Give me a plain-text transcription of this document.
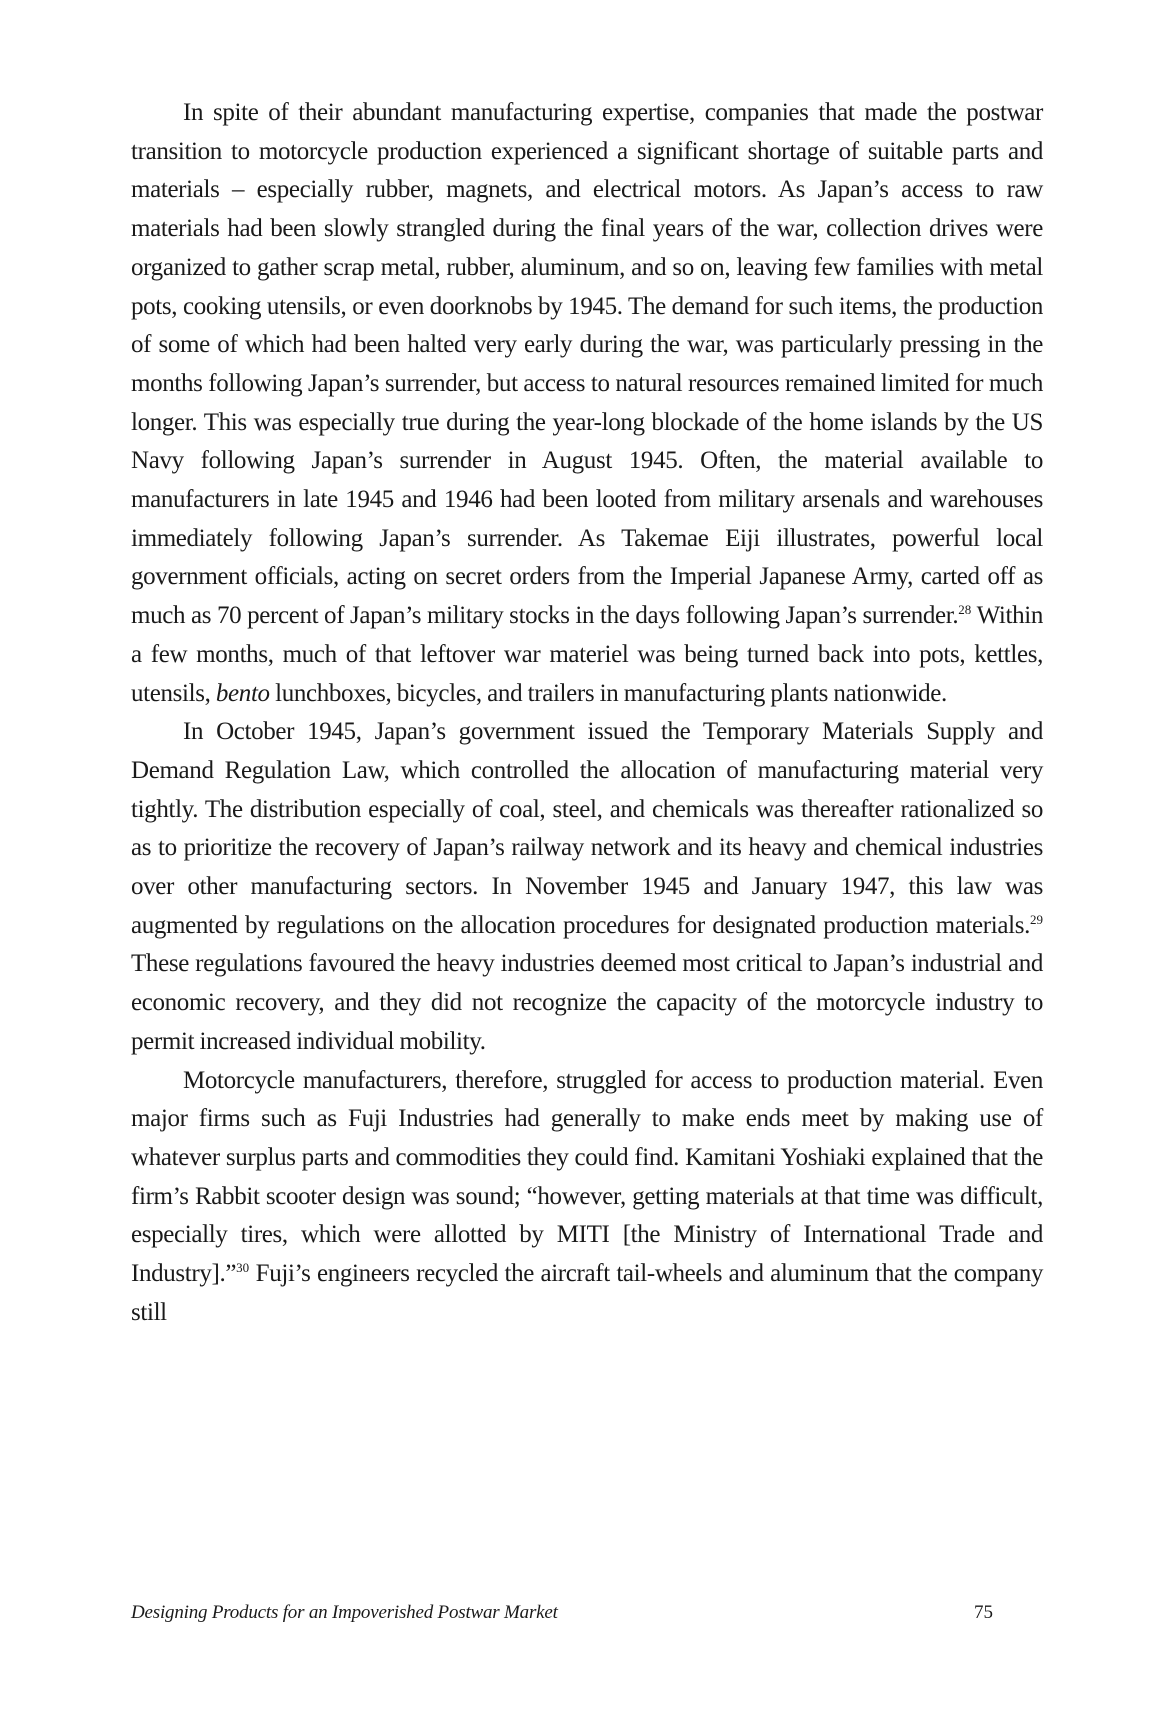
In spite of their abundant manufacturing expertise, companies that made the postwar transition to motorcycle production experienced a significant shortage of suitable parts and materials – especially rubber, magnets, and electrical motors. As Japan’s access to raw materials had been slowly strangled during the final years of the war, collection drives were organized to gather scrap metal, rubber, aluminum, and so on, leaving few families with metal pots, cooking utensils, or even doorknobs by 1945. The demand for such items, the production of some of which had been halted very early during the war, was particularly pressing in the months following Japan’s surrender, but access to natural resources remained limited for much longer. This was especially true during the year-long blockade of the home islands by the US Navy following Japan’s surrender in August 1945. Often, the material available to manufacturers in late 1945 and 1946 had been looted from military arsenals and warehouses immediately following Japan’s surrender. As Takemae Eiji illustrates, powerful local government officials, acting on secret orders from the Imperial Japanese Army, carted off as much as 70 percent of Japan’s military stocks in the days following Japan’s surrender.$^{28}$ Within a few months, much of that leftover war materiel was being turned back into pots, kettles, utensils, bento lunchboxes, bicycles, and trailers in manufacturing plants nationwide.

In October 1945, Japan’s government issued the Temporary Materials Supply and Demand Regulation Law, which controlled the allocation of manufacturing material very tightly. The distribution especially of coal, steel, and chemicals was thereafter rationalized so as to prioritize the recovery of Japan’s railway network and its heavy and chemical industries over other manufacturing sectors. In November 1945 and January 1947, this law was augmented by regulations on the allocation procedures for designated production materials.$^{29}$ These regulations favoured the heavy industries deemed most critical to Japan’s industrial and economic recovery, and they did not recognize the capacity of the motorcycle industry to permit increased individual mobility.

Motorcycle manufacturers, therefore, struggled for access to production material. Even major firms such as Fuji Industries had generally to make ends meet by making use of whatever surplus parts and commodities they could find. Kamitani Yoshiaki explained that the firm’s Rabbit scooter design was sound; “however, getting materials at that time was difficult, especially tires, which were allotted by MITI [the Ministry of International Trade and Industry].”$^{30}$ Fuji’s engineers recycled the aircraft tail-wheels and aluminum that the company still

Designing Products for an Impoverished Postwar Market	75
